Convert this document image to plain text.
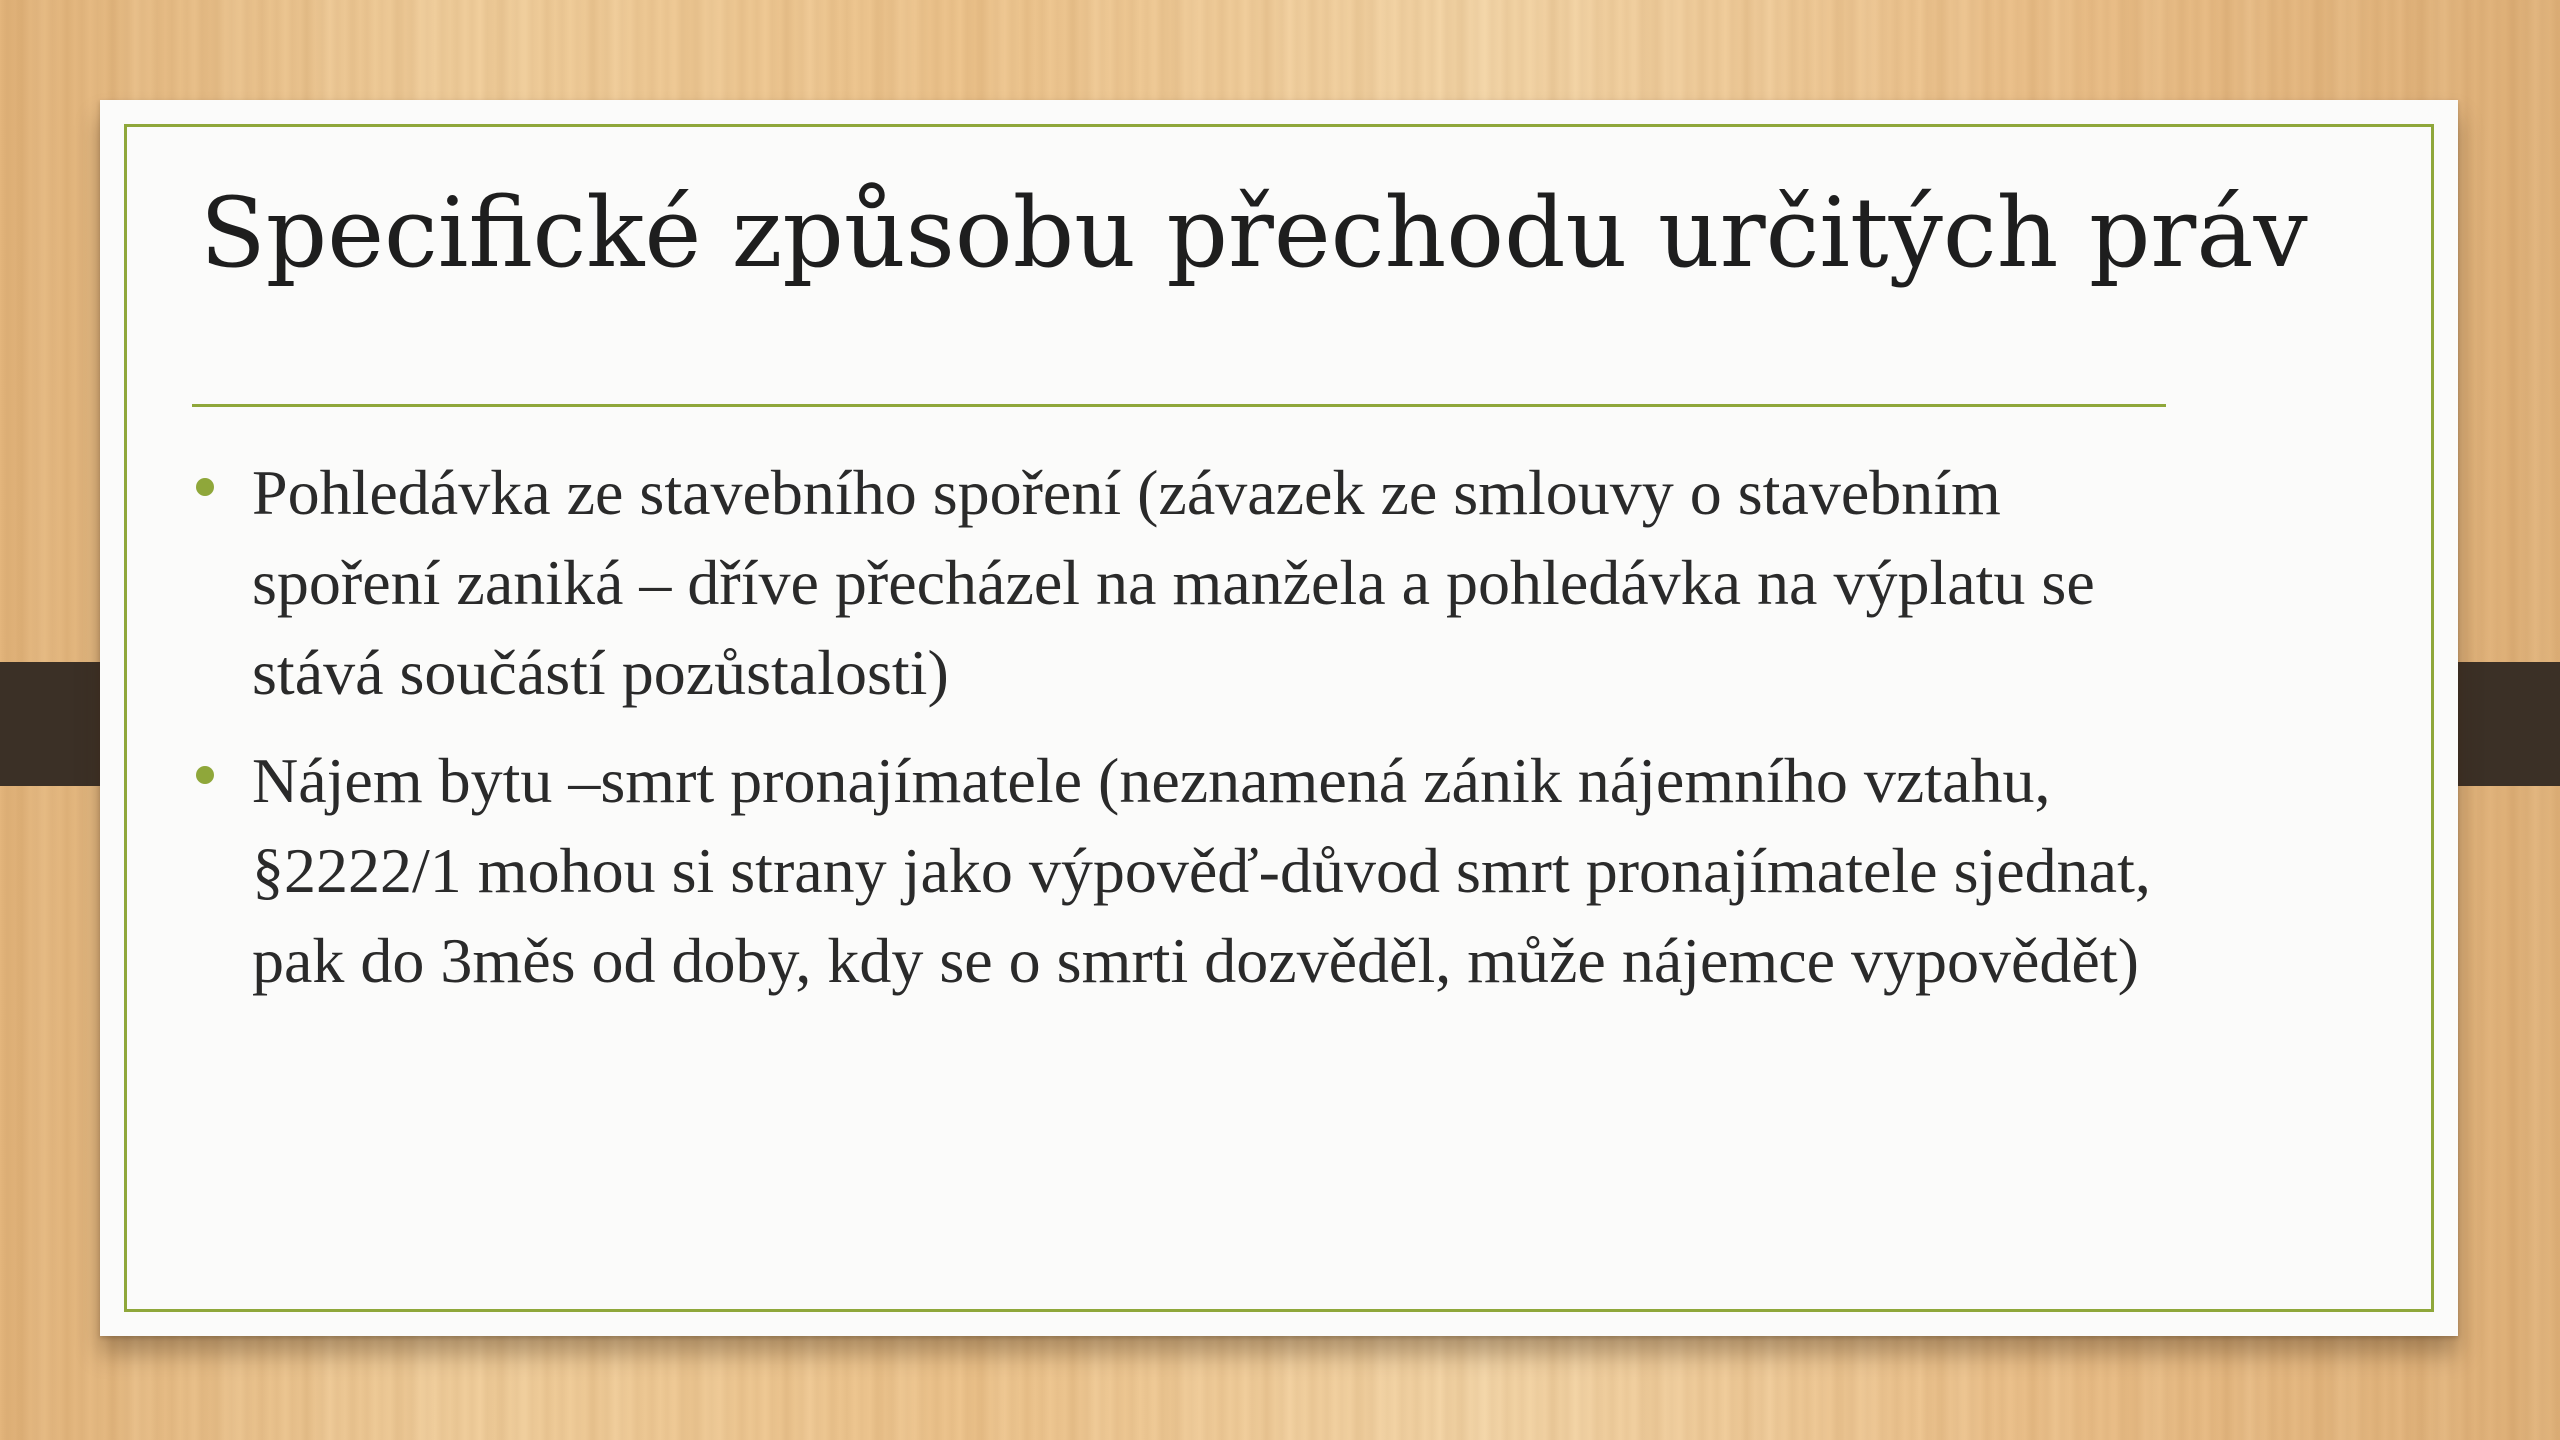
Specifické způsobu přechodu určitých práv
Pohledávka ze stavebního spoření (závazek ze smlouvy o stavebním spoření zaniká – dříve přecházel na manžela a pohledávka na výplatu se stává součástí pozůstalosti)
Nájem bytu –smrt pronajímatele (neznamená zánik nájemního vztahu, §2222/1 mohou si strany jako výpověď-důvod smrt pronajímatele sjednat, pak do 3měs od doby, kdy se o smrti dozvěděl, může nájemce vypovědět)
